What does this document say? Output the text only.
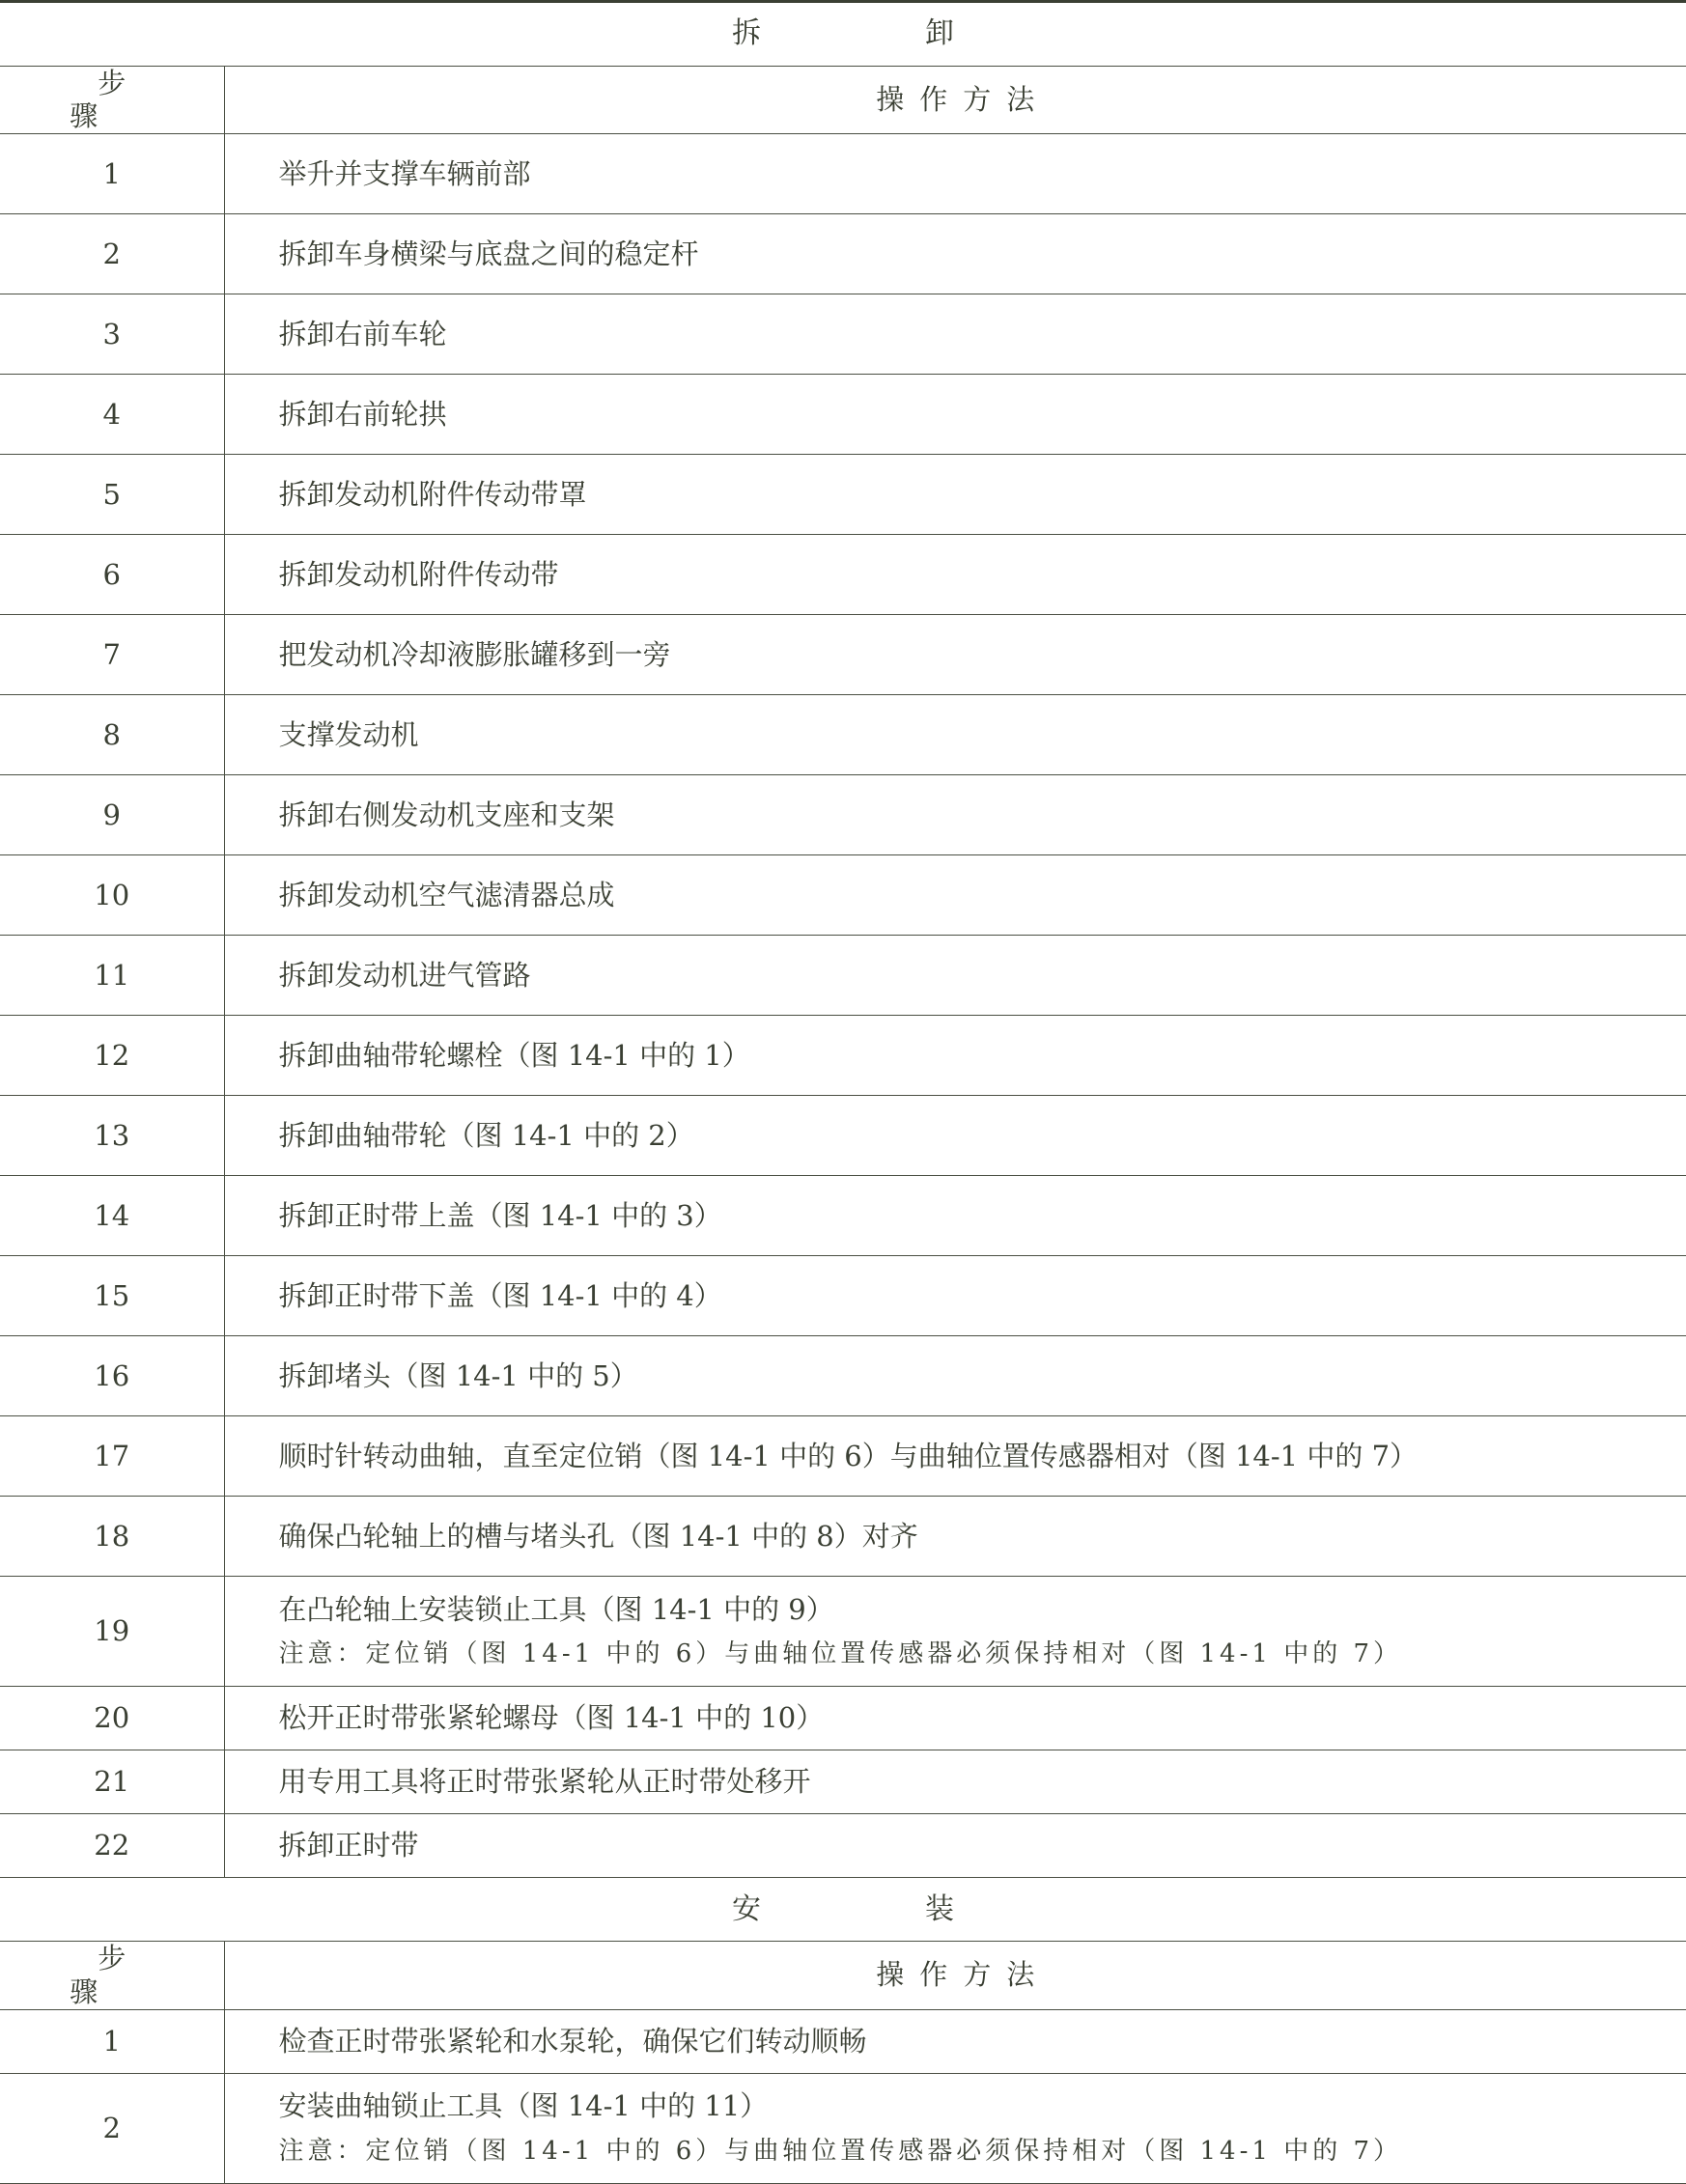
拆　卸	
步骤	操作方法
1	举升并支撑车辆前部
2	拆卸车身横梁与底盘之间的稳定杆
3	拆卸右前车轮
4	拆卸右前轮拱
5	拆卸发动机附件传动带罩
6	拆卸发动机附件传动带
7	把发动机冷却液膨胀罐移到一旁
8	支撑发动机
9	拆卸右侧发动机支座和支架
10	拆卸发动机空气滤清器总成
11	拆卸发动机进气管路
12	拆卸曲轴带轮螺栓（图 14-1 中的 1）
13	拆卸曲轴带轮（图 14-1 中的 2）
14	拆卸正时带上盖（图 14-1 中的 3）
15	拆卸正时带下盖（图 14-1 中的 4）
16	拆卸堵头（图 14-1 中的 5）
17	顺时针转动曲轴，直至定位销（图 14-1 中的 6）与曲轴位置传感器相对（图 14-1 中的 7）
18	确保凸轮轴上的槽与堵头孔（图 14-1 中的 8）对齐
19	在凸轮轴上安装锁止工具（图 14-1 中的 9）
注意：定位销（图 14-1 中的 6）与曲轴位置传感器必须保持相对（图 14-1 中的 7）

20	松开正时带张紧轮螺母（图 14-1 中的 10）
21	用专用工具将正时带张紧轮从正时带处移开
22	拆卸正时带
安　装	
步骤	操作方法
1	检查正时带张紧轮和水泵轮，确保它们转动顺畅
2	安装曲轴锁止工具（图 14-1 中的 11）
注意：定位销（图 14-1 中的 6）与曲轴位置传感器必须保持相对（图 14-1 中的 7）
